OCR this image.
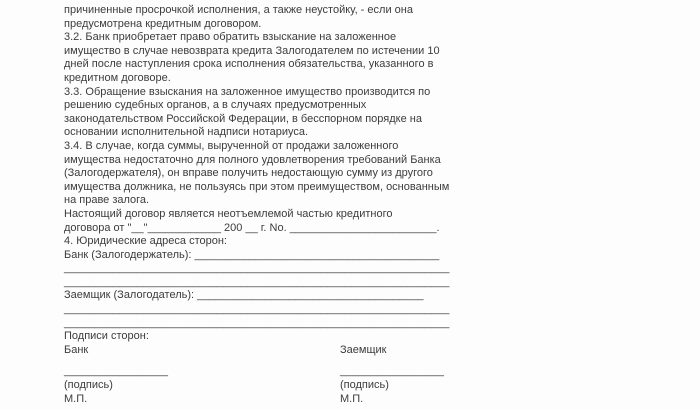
причиненные просрочкой исполнения, а также неустойку, - если она
предусмотрена кредитным договором.
3.2. Банк приобретает право обратить взыскание на заложенное
имущество в случае невозврата кредита Залогодателем по истечении 10
дней после наступления срока исполнения обязательства, указанного в
кредитном договоре.
3.3. Обращение взыскания на заложенное имущество производится по
решению судебных органов, а в случаях предусмотренных
законодательством Российской Федерации, в бесспорном порядке на
основании исполнительной надписи нотариуса.
3.4. В случае, когда суммы, вырученной от продажи заложенного
имущества недостаточно для полного удовлетворения требований Банка
(Залогодержателя), он вправе получить недостающую сумму из другого
имущества должника, не пользуясь при этом преимуществом, основанным
на праве залога.
Настоящий договор является неотъемлемой частью кредитного
договора от "__"____________ 200 __ г. No. ________________________.
4. Юридические адреса сторон:
Банк (Залогодержатель): ________________________________________
_______________________________________________________________
_______________________________________________________________
Заемщик (Залогодатель): _____________________________________
_______________________________________________________________
_______________________________________________________________
Подписи сторон:
Банк	Заемщик
_________________	_________________
(подпись)	(подпись)
М.П.	М.П.
